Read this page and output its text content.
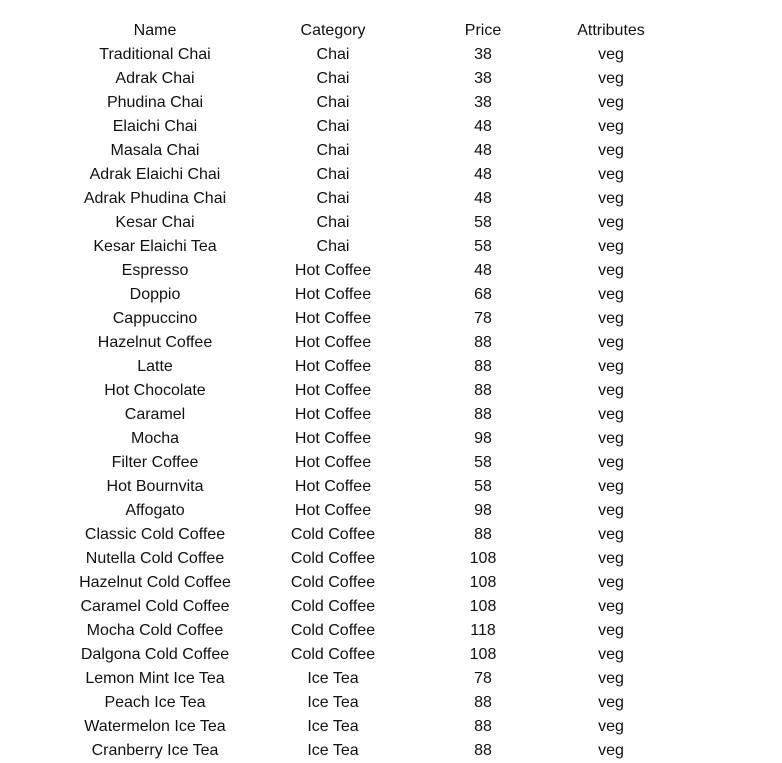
Name	Category	Price	Attributes
Traditional Chai	Chai	38	veg
Adrak Chai	Chai	38	veg
Phudina Chai	Chai	38	veg
Elaichi Chai	Chai	48	veg
Masala Chai	Chai	48	veg
Adrak Elaichi Chai	Chai	48	veg
Adrak Phudina Chai	Chai	48	veg
Kesar Chai	Chai	58	veg
Kesar Elaichi Tea	Chai	58	veg
Espresso	Hot Coffee	48	veg
Doppio	Hot Coffee	68	veg
Cappuccino	Hot Coffee	78	veg
Hazelnut Coffee	Hot Coffee	88	veg
Latte	Hot Coffee	88	veg
Hot Chocolate	Hot Coffee	88	veg
Caramel	Hot Coffee	88	veg
Mocha	Hot Coffee	98	veg
Filter Coffee	Hot Coffee	58	veg
Hot Bournvita	Hot Coffee	58	veg
Affogato	Hot Coffee	98	veg
Classic Cold Coffee	Cold Coffee	88	veg
Nutella Cold Coffee	Cold Coffee	108	veg
Hazelnut Cold Coffee	Cold Coffee	108	veg
Caramel Cold Coffee	Cold Coffee	108	veg
Mocha Cold Coffee	Cold Coffee	118	veg
Dalgona Cold Coffee	Cold Coffee	108	veg
Lemon Mint Ice Tea	Ice Tea	78	veg
Peach Ice Tea	Ice Tea	88	veg
Watermelon Ice Tea	Ice Tea	88	veg
Cranberry Ice Tea	Ice Tea	88	veg
